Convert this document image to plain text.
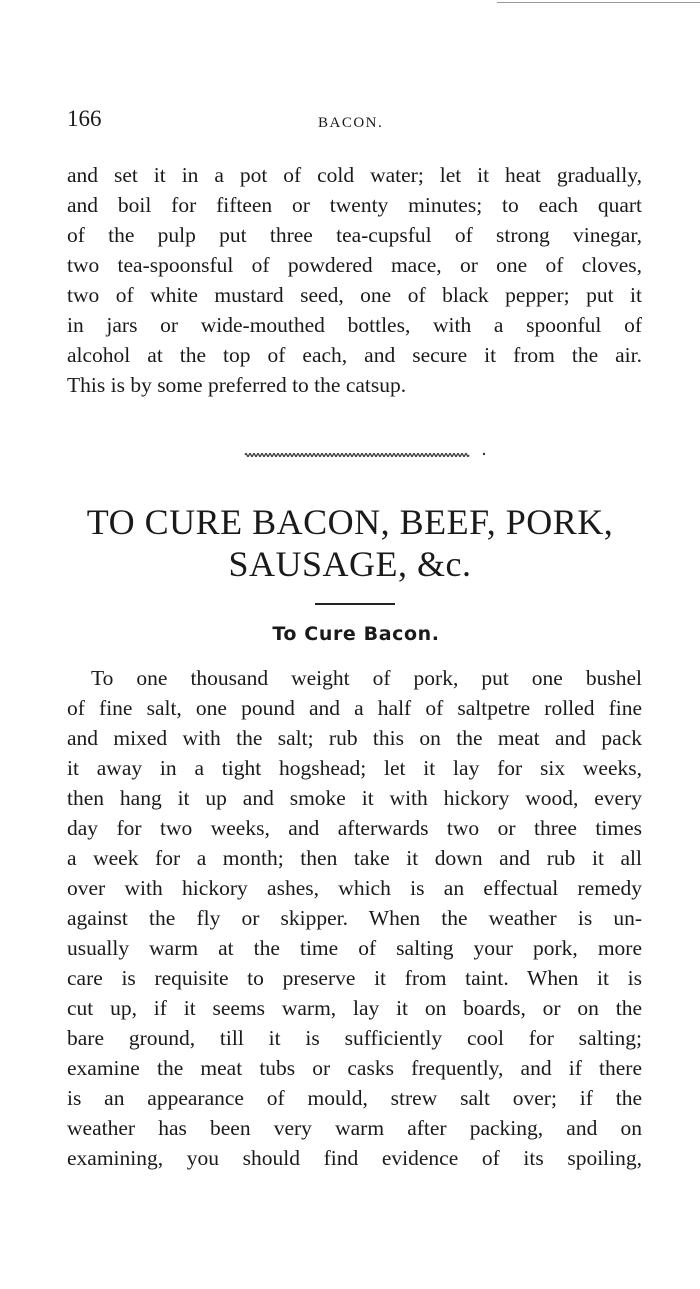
166	BACON.

and set it in a pot of cold water; let it heat gradually,
and boil for fifteen or twenty minutes; to each quart
of the pulp put three tea-cupsful of strong vinegar,
two tea-spoonsful of powdered mace, or one of cloves,
two of white mustard seed, one of black pepper; put it
in jars or wide-mouthed bottles, with a spoonful of
alcohol at the top of each, and secure it from the air.
This is by some preferred to the catsup.

TO CURE BACON, BEEF, PORK,
SAUSAGE, &c.
To Cure Bacon.

To one thousand weight of pork, put one bushel
of fine salt, one pound and a half of saltpetre rolled fine
and mixed with the salt; rub this on the meat and pack
it away in a tight hogshead; let it lay for six weeks,
then hang it up and smoke it with hickory wood, every
day for two weeks, and afterwards two or three times
a week for a month; then take it down and rub it all
over with hickory ashes, which is an effectual remedy
against the fly or skipper. When the weather is un-
usually warm at the time of salting your pork, more
care is requisite to preserve it from taint. When it is
cut up, if it seems warm, lay it on boards, or on the
bare ground, till it is sufficiently cool for salting;
examine the meat tubs or casks frequently, and if there
is an appearance of mould, strew salt over; if the
weather has been very warm after packing, and on
examining, you should find evidence of its spoiling,
